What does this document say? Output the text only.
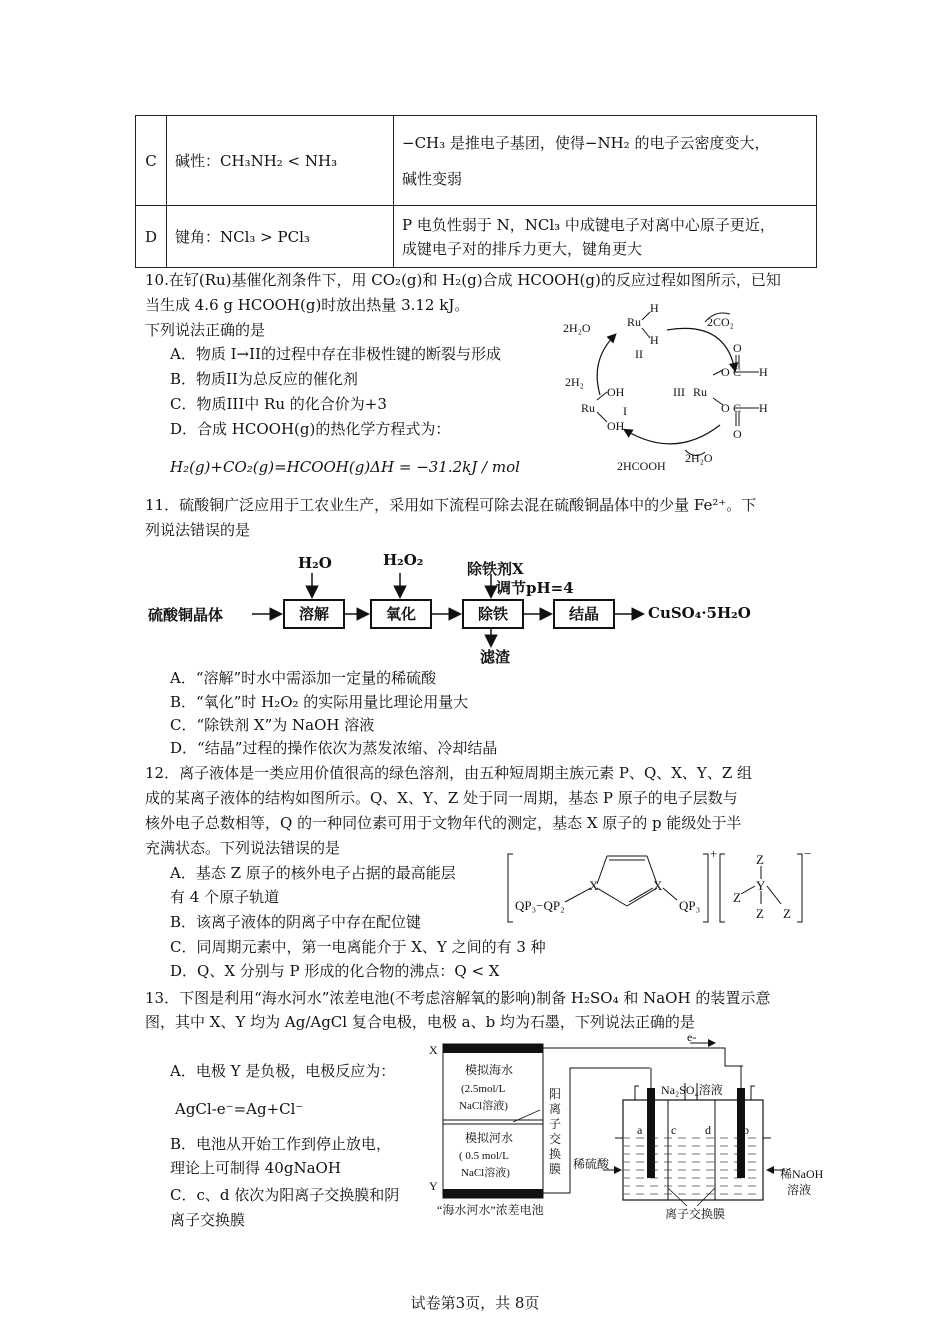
C	碱性：CH₃NH₂ < NH₃	−CH₃ 是推电子基团，使得−NH₂ 的电子云密度变大，
碱性变弱

D	键角：NCl₃ > PCl₃	P 电负性弱于 N，NCl₃ 中成键电子对离中心原子更近，
成键电子对的排斥力更大，键角更大
10.在钌(Ru)基催化剂条件下，用 CO₂(g)和 H₂(g)合成 HCOOH(g)的反应过程如图所示，已知
当生成 4.6 g HCOOH(g)时放出热量 3.12 kJ。
下列说法正确的是
A．物质 I→II的过程中存在非极性键的断裂与形成
B．物质II为总反应的催化剂
C．物质III中 Ru 的化合价为+3
D．合成 HCOOH(g)的热化学方程式为：
H₂(g)+CO₂(g)=HCOOH(g)ΔH = −31.2kJ / mol
2H₂O	2CO₂
Ru
H
H
II
2H₂
Ru
OH
OH
I
III Ru
O
O C H
O C H
O
2H₂O
2HCOOH
11．硫酸铜广泛应用于工农业生产，采用如下流程可除去混在硫酸铜晶体中的少量 Fe²⁺。下
列说法错误的是
硫酸铜晶体	溶解	氧化	除铁	结晶	CuSO₄·5H₂O
H₂O	H₂O₂	除铁剂X
调节pH=4
滤渣
A．“溶解”时水中需添加一定量的稀硫酸
B．“氧化”时 H₂O₂ 的实际用量比理论用量大
C．“除铁剂 X”为 NaOH 溶液
D．“结晶”过程的操作依次为蒸发浓缩、冷却结晶
12．离子液体是一类应用价值很高的绿色溶剂，由五种短周期主族元素 P、Q、X、Y、Z 组
成的某离子液体的结构如图所示。Q、X、Y、Z 处于同一周期，基态 P 原子的电子层数与
核外电子总数相等，Q 的一种同位素可用于文物年代的测定，基态 X 原子的 p 能级处于半
充满状态。下列说法错误的是
A．基态 Z 原子的核外电子占据的最高能层
有 4 个原子轨道
B．该离子液体的阴离子中存在配位键
C．同周期元素中，第一电离能介于 X、Y 之间的有 3 种
D．Q、X 分别与 P 形成的化合物的沸点：Q < X
QP₃−QP₂
X	X
QP₃
+	Z
Y
Z
Z Z
−
13．下图是利用“海水河水”浓差电池(不考虑溶解氧的影响)制备 H₂SO₄ 和 NaOH 的装置示意
图，其中 X、Y 均为 Ag/AgCl 复合电极，电极 a、b 均为石墨，下列说法正确的是
A．电极 Y 是负极，电极反应为：
AgCl-e⁻=Ag+Cl⁻
B．电池从开始工作到停止放电，
理论上可制得 40gNaOH
C．c、d 依次为阳离子交换膜和阴
离子交换膜
X
Y
模拟海水
(2.5mol/L
NaCl溶液)
模拟河水
( 0.5 mol/L
NaCl溶液)
阳
离
子
交
换
膜
“海水河水”浓差电池
e-
Na₂SO₄溶液
a c d	b
稀硫酸
稀NaOH
溶液
离子交换膜
试卷第3页，共 8页
